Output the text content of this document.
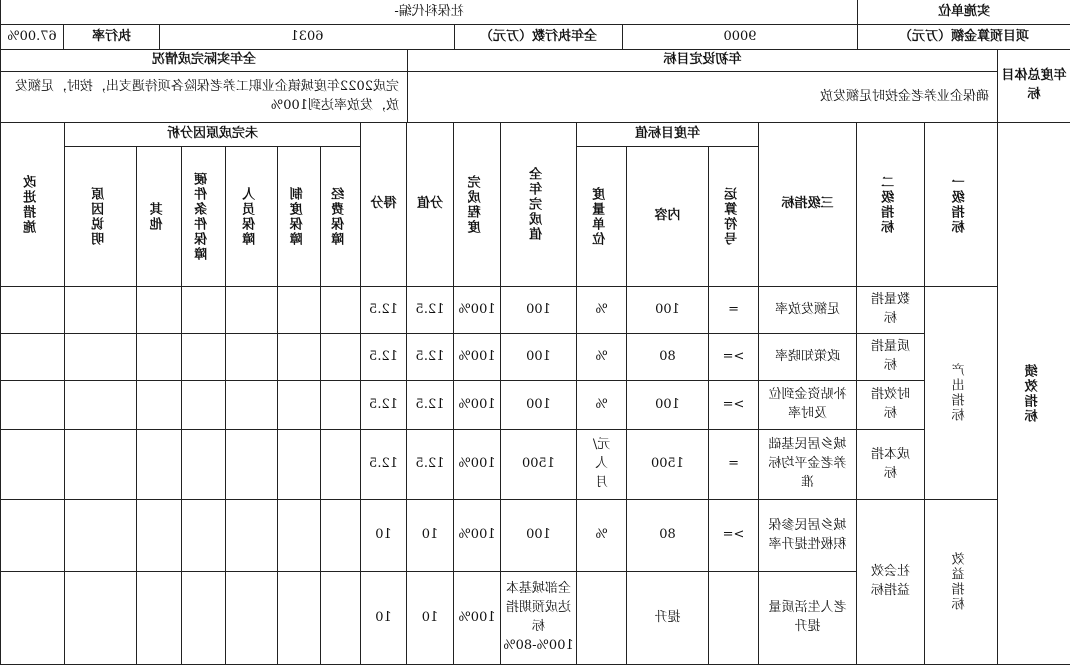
实施单位
社保科代编-
项目预算金额（万元）
9000
全年执行数（万元）
6031
执行率
67.00%
年度总体目标
年初设定目标
全年实际完成情况
确保企业养老金按时足额发放
完成2022年度城镇企业职工养老保险各项待遇支出，按时，足额发放，发放率达到100%
绩效指标
一级指标
二级指标
三级指标
年度目标值
运算符号
内容
度量单位
全年完成值
完成程度
分值
得分
未完成原因分析
经费保障
制度保障
人员保障
硬件条件保障
其他
原因说明
改进措施
产出指标
效益指标
数量指标
质量指标
时效指标
成本指标
社会效益指标
足额发放率
=
100
%
100
100%
12.5
12.5
政策知晓率
>=
80
%
100
100%
12.5
12.5
补贴资金到位及时率
>=
100
%
100
100%
12.5
12.5
城乡居民基础养老金平均标准
=
1500
元/人月
1500
100%
12.5
12.5
城乡居民参保积极性提升率
>=
80
%
100
100%
10
10
老人生活质量提升
提升
全部城基本达成预期指标100%-80%
100%
10
10
